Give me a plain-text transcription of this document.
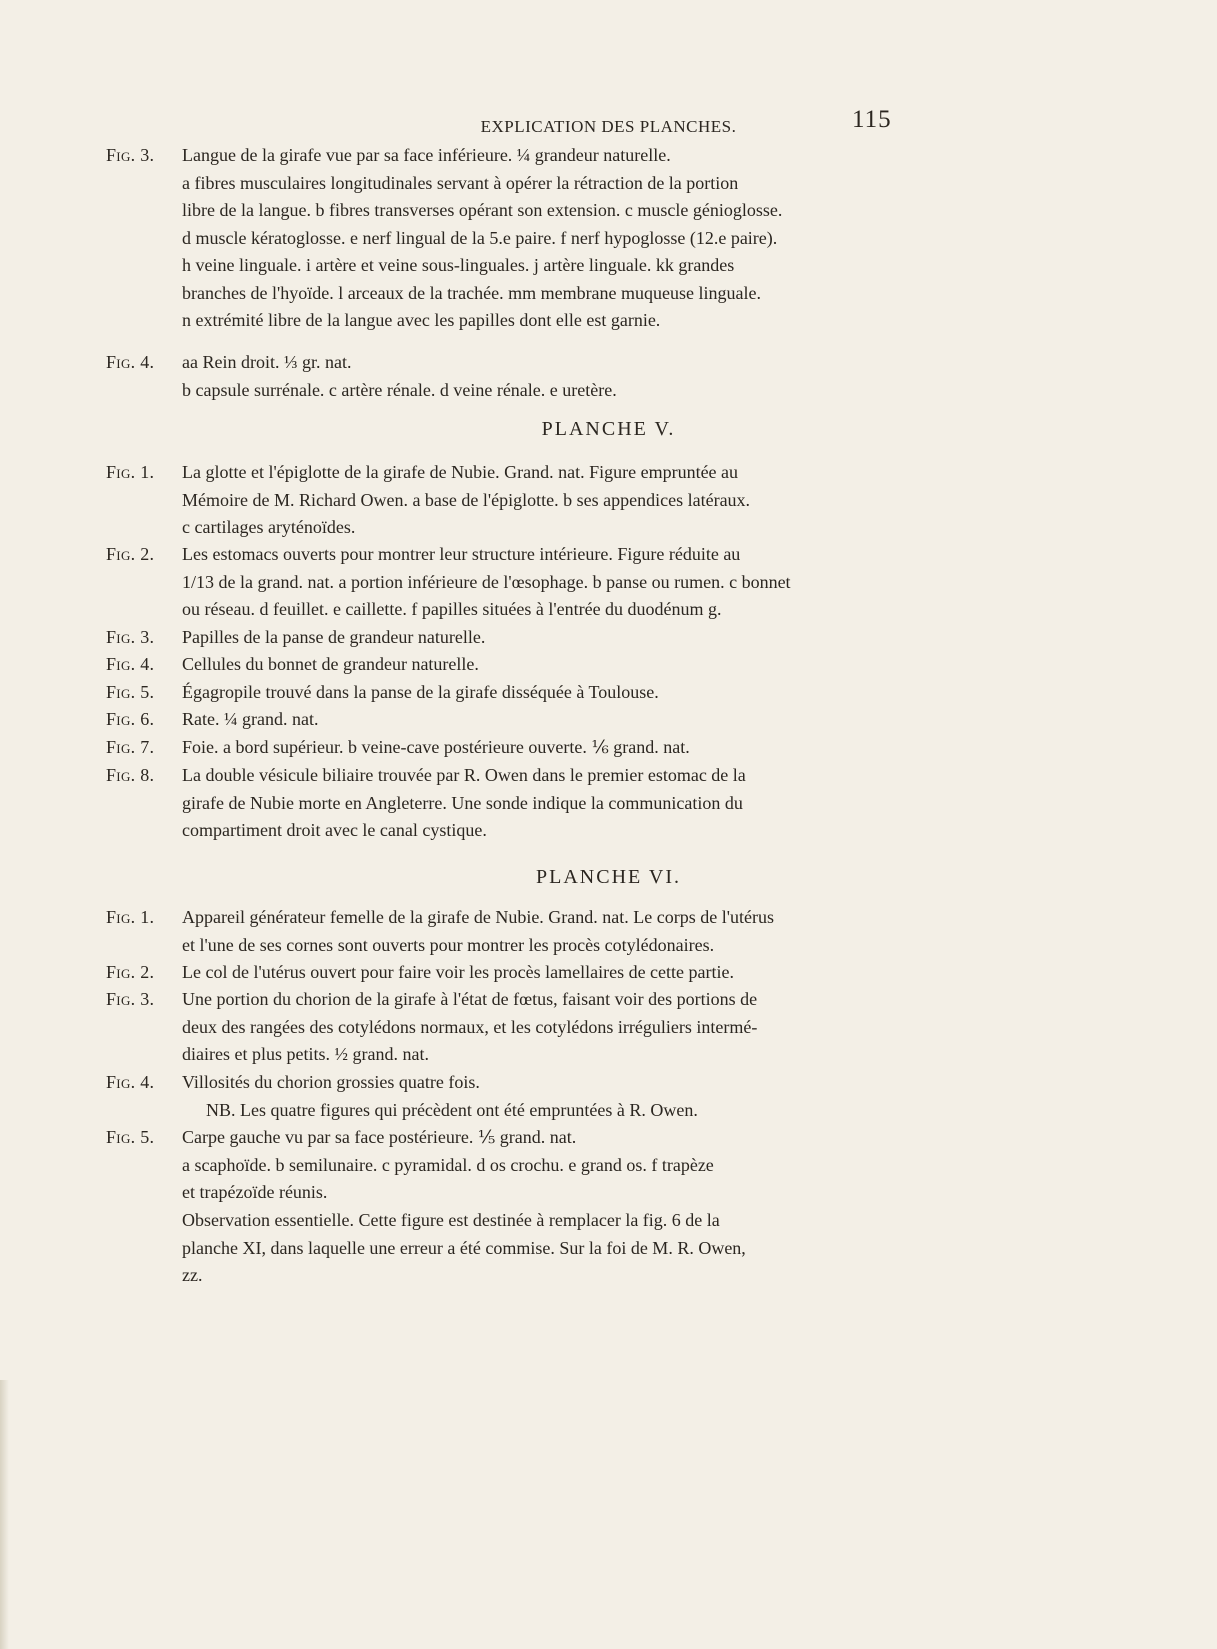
EXPLICATION DES PLANCHES.	115
Fig. 3.	Langue de la girafe vue par sa face inférieure. ¼ grandeur naturelle.
a fibres musculaires longitudinales servant à opérer la rétraction de la portion
libre de la langue. b fibres transverses opérant son extension. c muscle génioglosse.
d muscle kératoglosse. e nerf lingual de la 5.e paire. f nerf hypoglosse (12.e paire).
h veine linguale. i artère et veine sous-linguales. j artère linguale. kk grandes
branches de l'hyoïde. l arceaux de la trachée. mm membrane muqueuse linguale.
n extrémité libre de la langue avec les papilles dont elle est garnie.
Fig. 4.	aa Rein droit. ⅓ gr. nat.
b capsule surrénale. c artère rénale. d veine rénale. e uretère.
PLANCHE V.
Fig. 1.	La glotte et l'épiglotte de la girafe de Nubie. Grand. nat. Figure empruntée au
Mémoire de M. Richard Owen. a base de l'épiglotte. b ses appendices latéraux.
c cartilages aryténoïdes.
Fig. 2.	Les estomacs ouverts pour montrer leur structure intérieure. Figure réduite au
1/13 de la grand. nat. a portion inférieure de l'œsophage. b panse ou rumen. c bonnet
ou réseau. d feuillet. e caillette. f papilles situées à l'entrée du duodénum g.
Fig. 3.	Papilles de la panse de grandeur naturelle.
Fig. 4.	Cellules du bonnet de grandeur naturelle.
Fig. 5.	Égagropile trouvé dans la panse de la girafe disséquée à Toulouse.
Fig. 6.	Rate. ¼ grand. nat.
Fig. 7.	Foie. a bord supérieur. b veine-cave postérieure ouverte. ⅙ grand. nat.
Fig. 8.	La double vésicule biliaire trouvée par R. Owen dans le premier estomac de la
girafe de Nubie morte en Angleterre. Une sonde indique la communication du
compartiment droit avec le canal cystique.
PLANCHE VI.
Fig. 1.	Appareil générateur femelle de la girafe de Nubie. Grand. nat. Le corps de l'utérus
et l'une de ses cornes sont ouverts pour montrer les procès cotylédonaires.
Fig. 2.	Le col de l'utérus ouvert pour faire voir les procès lamellaires de cette partie.
Fig. 3.	Une portion du chorion de la girafe à l'état de fœtus, faisant voir des portions de
deux des rangées des cotylédons normaux, et les cotylédons irréguliers intermé-
diaires et plus petits. ½ grand. nat.
Fig. 4.	Villosités du chorion grossies quatre fois.
NB. Les quatre figures qui précèdent ont été empruntées à R. Owen.
Fig. 5.	Carpe gauche vu par sa face postérieure. ⅕ grand. nat.
a scaphoïde. b semilunaire. c pyramidal. d os crochu. e grand os. f trapèze
et trapézoïde réunis.
Observation essentielle. Cette figure est destinée à remplacer la fig. 6 de la
planche XI, dans laquelle une erreur a été commise. Sur la foi de M. R. Owen,
zz.
